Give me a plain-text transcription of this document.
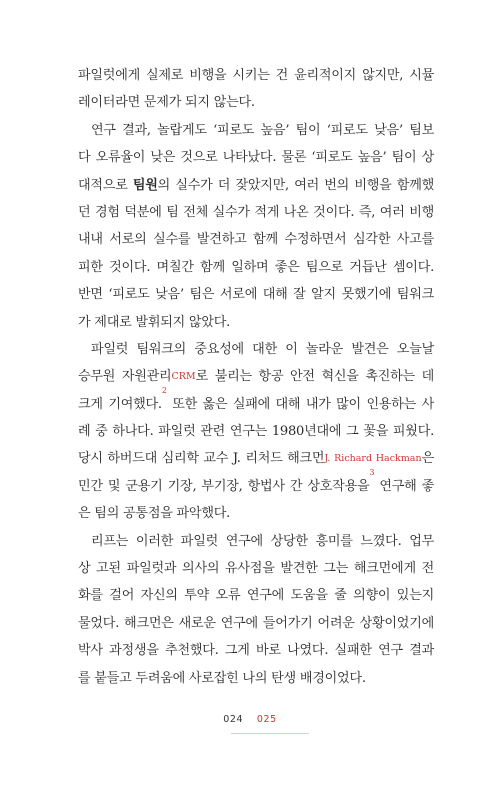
파일럿에게 실제로 비행을 시키는 건 윤리적이지 않지만, 시뮬
레이터라면 문제가 되지 않는다.
연구 결과, 놀랍게도 ‘피로도 높음’ 팀이 ‘피로도 낮음’ 팀보
다 오류율이 낮은 것으로 나타났다. 물론 ‘피로도 높음’ 팀이 상
대적으로 팀원 의 실수가 더 잦았지만, 여러 번의 비행을 함께했
던 경험 덕분에 팀 전체 실수가 적게 나온 것이다. 즉, 여러 비행
내내 서로의 실수를 발견하고 함께 수정하면서 심각한 사고를
피한 것이다. 며칠간 함께 일하며 좋은 팀으로 거듭난 셈이다.
반면 ‘피로도 낮음’ 팀은 서로에 대해 잘 알지 못했기에 팀워크
가 제대로 발휘되지 않았다.
파일럿 팀워크의 중요성에 대한 이 놀라운 발견은 오늘날
승무원 자원관리 CRM 로 불리는 항공 안전 혁신을 촉진하는 데
크게 기여했다.
2
또한 옳은 실패에 대해 내가 많이 인용하는 사
례 중 하나다. 파일럿 관련 연구는 1980년대에 그 꽃을 피웠다.
당시 하버드대 심리학 교수 J. 리처드 해크먼 J. Richard Hackman 은
민간 및 군용기 기장, 부기장, 항법사 간 상호작용을
3
연구해 좋
은 팀의 공통점을 파악했다.
리프는 이러한 파일럿 연구에 상당한 흥미를 느꼈다. 업무
상 고된 파일럿과 의사의 유사점을 발견한 그는 해크먼에게 전
화를 걸어 자신의 투약 오류 연구에 도움을 줄 의향이 있는지
물었다. 해크먼은 새로운 연구에 들어가기 어려운 상황이었기에
박사 과정생을 추천했다. 그게 바로 나였다. 실패한 연구 결과
를 붙들고 두려움에 사로잡힌 나의 탄생 배경이었다.
024 025
